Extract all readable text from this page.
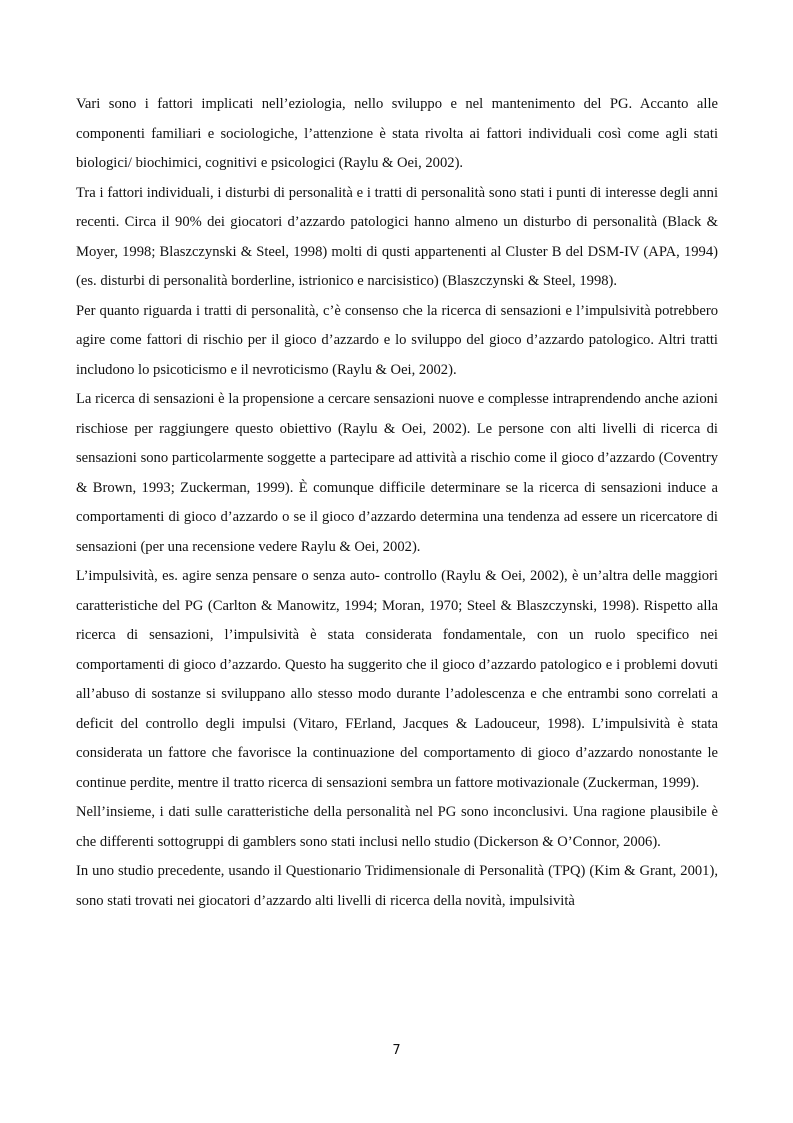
Vari sono i fattori implicati nell’eziologia, nello sviluppo e nel mantenimento del PG. Accanto alle componenti familiari e sociologiche, l’attenzione è stata rivolta ai fattori individuali così come agli stati biologici/ biochimici, cognitivi e psicologici (Raylu & Oei, 2002).

Tra i fattori individuali, i disturbi di personalità e i tratti di personalità sono stati i punti di interesse degli anni recenti. Circa il 90% dei giocatori d’azzardo patologici hanno almeno un disturbo di personalità (Black & Moyer, 1998; Blaszczynski & Steel, 1998) molti di qusti appartenenti al Cluster B del DSM-IV (APA, 1994) (es. disturbi di personalità borderline, istrionico e narcisistico) (Blaszczynski & Steel, 1998).

Per quanto riguarda i tratti di personalità, c’è consenso che la ricerca di sensazioni e l’impulsività potrebbero agire come fattori di rischio per il gioco d’azzardo e lo sviluppo del gioco d’azzardo patologico. Altri tratti includono lo psicoticismo e il nevroticismo (Raylu & Oei, 2002).

La ricerca di sensazioni è la propensione a cercare sensazioni nuove e complesse intraprendendo anche azioni rischiose per raggiungere questo obiettivo (Raylu & Oei, 2002). Le persone con alti livelli di ricerca di sensazioni sono particolarmente soggette a partecipare ad attività a rischio come il gioco d’azzardo (Coventry & Brown, 1993; Zuckerman, 1999). È comunque difficile determinare se la ricerca di sensazioni induce a comportamenti di gioco d’azzardo o se il gioco d’azzardo determina una tendenza ad essere un ricercatore di sensazioni (per una recensione vedere Raylu & Oei, 2002).

L’impulsività, es. agire senza pensare o senza auto- controllo (Raylu & Oei, 2002), è un’altra delle maggiori caratteristiche del PG (Carlton & Manowitz, 1994; Moran, 1970; Steel & Blaszczynski, 1998). Rispetto alla ricerca di sensazioni, l’impulsività è stata considerata fondamentale, con un ruolo specifico nei comportamenti di gioco d’azzardo. Questo ha suggerito che il gioco d’azzardo patologico e i problemi dovuti all’abuso di sostanze si sviluppano allo stesso modo durante l’adolescenza e che entrambi sono correlati a deficit del controllo degli impulsi (Vitaro, FErland, Jacques & Ladouceur, 1998). L’impulsività è stata considerata un fattore che favorisce la continuazione del comportamento di gioco d’azzardo nonostante le continue perdite, mentre il tratto ricerca di sensazioni sembra un fattore motivazionale (Zuckerman, 1999).

Nell’insieme, i dati sulle caratteristiche della personalità nel PG sono inconclusivi. Una ragione plausibile è che differenti sottogruppi di gamblers sono stati inclusi nello studio (Dickerson & O’Connor, 2006).

In uno studio precedente, usando il Questionario Tridimensionale di Personalità (TPQ) (Kim & Grant, 2001), sono stati trovati nei giocatori d’azzardo alti livelli di ricerca della novità, impulsività

7
